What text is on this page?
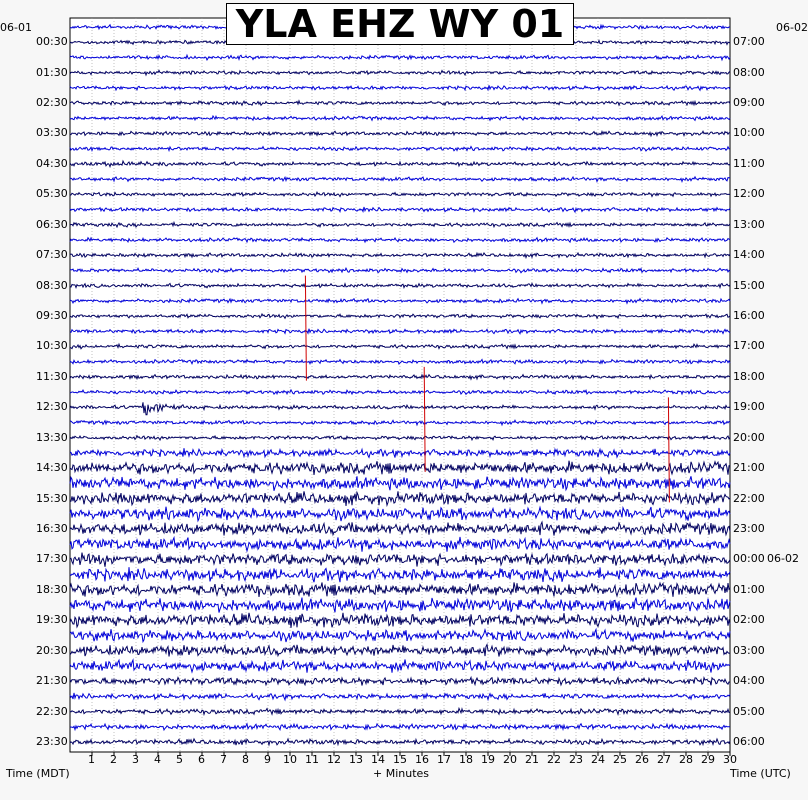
YLA EHZ WY 01
06-01	06-02
00:30
01:30
02:30
03:30
04:30
05:30
06:30
07:30
08:30
09:30
10:30
11:30
12:30
13:30
14:30
15:30
16:30
17:30
18:30
19:30
20:30
21:30
22:30
23:30
07:00
08:00
09:00
10:00
11:00
12:00
13:00
14:00
15:00
16:00
17:00
18:00
19:00
20:00
21:00
22:00
23:00
00:00 06-02
01:00
02:00
03:00
04:00
05:00
06:00
1 2 3 4 5 6 7 8 9 10 11 12 13 14 15 16 17 18 19 20 21 22 23 24 25 26 27 28 29 30
Time (MDT)	+ Minutes	Time (UTC)
